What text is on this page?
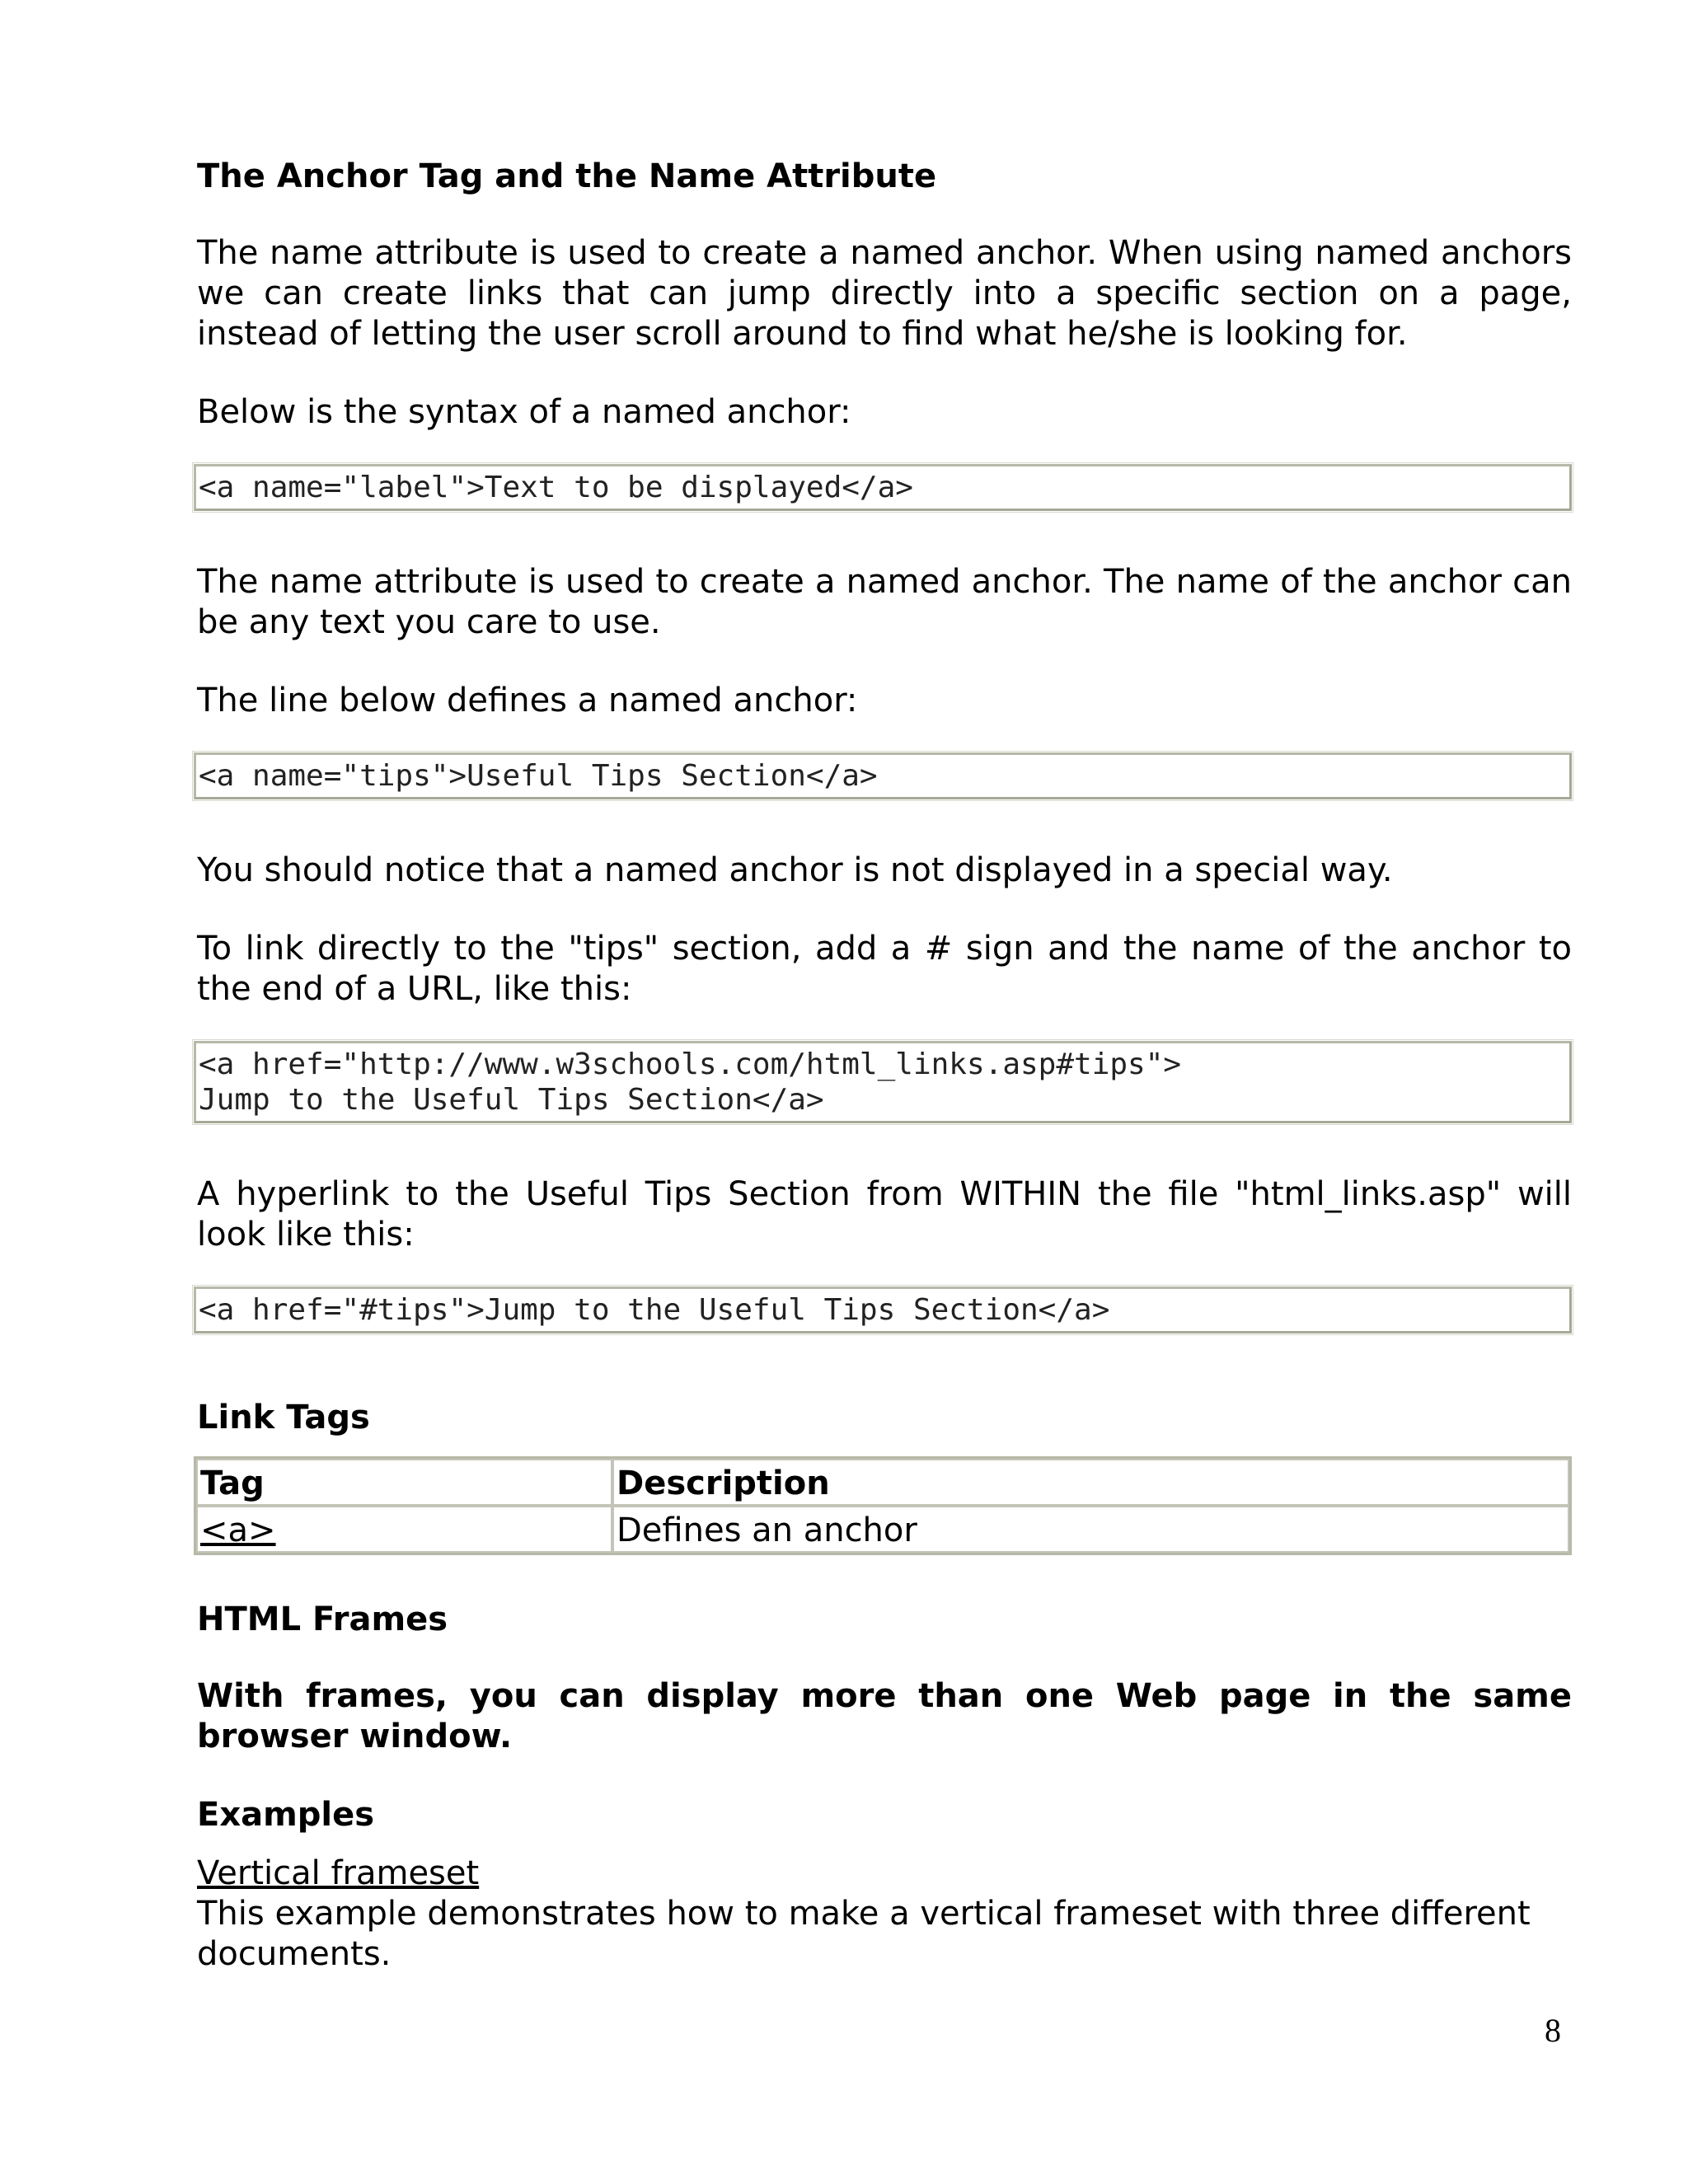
The Anchor Tag and the Name Attribute

The name attribute is used to create a named anchor. When using named anchors we can create links that can jump directly into a specific section on a page, instead of letting the user scroll around to find what he/she is looking for.

Below is the syntax of a named anchor:

<a name="label">Text to be displayed</a>

The name attribute is used to create a named anchor. The name of the anchor can be any text you care to use.

The line below defines a named anchor:

<a name="tips">Useful Tips Section</a>

You should notice that a named anchor is not displayed in a special way.

To link directly to the "tips" section, add a # sign and the name of the anchor to the end of a URL, like this:

<a href="http://www.w3schools.com/html_links.asp#tips">
Jump to the Useful Tips Section</a>

A hyperlink to the Useful Tips Section from WITHIN the file "html_links.asp" will look like this:

<a href="#tips">Jump to the Useful Tips Section</a>
Link Tags
Tag	Description
<a>	Defines an anchor
HTML Frames

With frames, you can display more than one Web page in the same browser window.

Examples
Vertical frameset

This example demonstrates how to make a vertical frameset with three different documents.

8
